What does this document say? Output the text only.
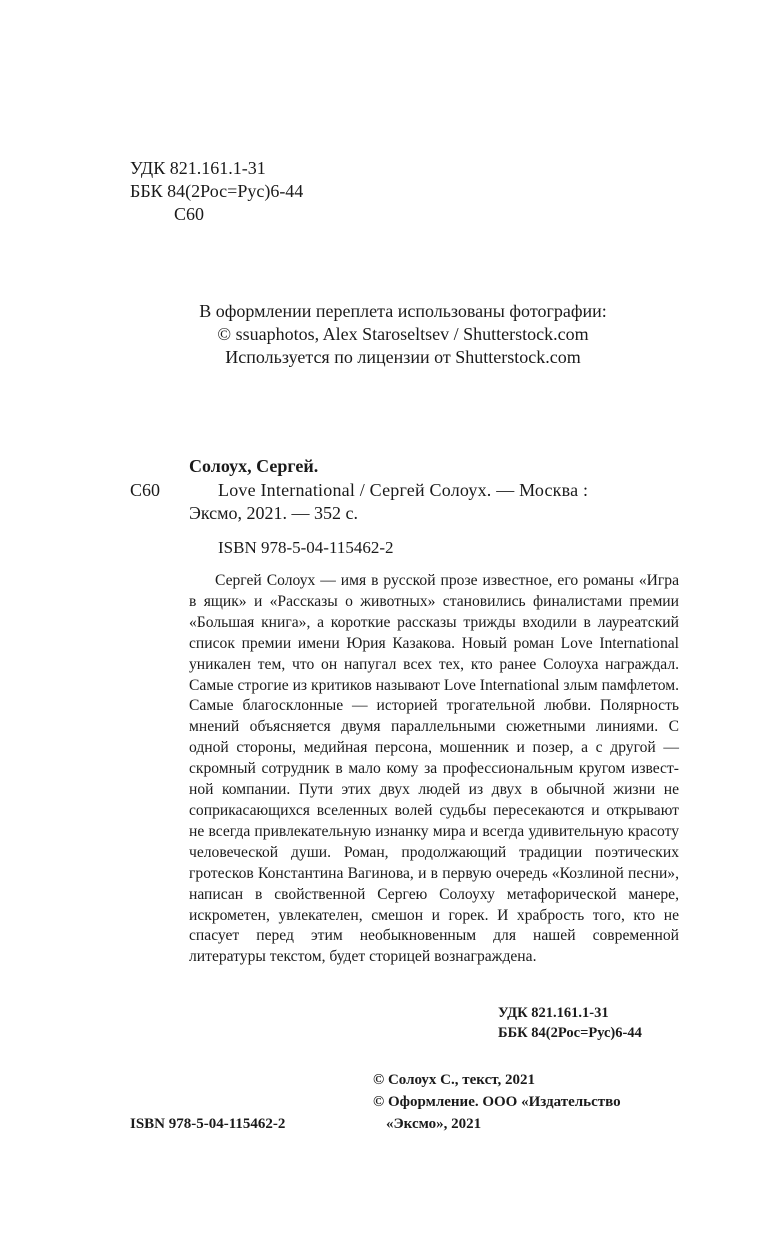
УДК 821.161.1-31
ББК 84(2Рос=Рус)6-44
С60
В оформлении переплета использованы фотографии:
© ssuaphotos, Alex Staroseltsev / Shutterstock.com
Используется по лицензии от Shutterstock.com
Солоух, Сергей.
С60	Love International / Сергей Солоух. — Москва :
Эксмо, 2021. — 352 с.
ISBN 978-5-04-115462-2

Сергей Солоух — имя в русской прозе известное, его романы «Игра в ящик» и «Рассказы о животных» становились финалистами премии «Большая книга», а короткие рассказы трижды входили в лауреатский список премии имени Юрия Казакова. Новый роман Love International уникален тем, что он напугал всех тех, кто ранее Солоуха награждал. Самые строгие из критиков называют Love International злым памфлетом. Самые благосклонные — историей трогательной любви. Полярность мнений объясняется двумя параллельными сюжетными линиями. С одной стороны, медийная персона, мошенник и позер, а с другой — скромный сотрудник в мало кому за профессиональным кругом известной компании. Пути этих двух людей из двух в обычной жизни не соприкасающихся вселенных волей судьбы пересекаются и открывают не всегда привлекательную изнанку мира и всегда удивительную красоту человеческой души. Роман, продолжающий традиции поэтических гротесков Константина Вагинова, и в первую очередь «Козлиной песни», написан в свойственной Сергею Солоуху метафорической манере, искрометен, увлекателен, смешон и горек. И храбрость того, кто не спасует перед этим необыкновенным для нашей современной литературы текстом, будет сторицей вознаграждена.

УДК 821.161.1-31
ББК 84(2Рос=Рус)6-44
© Солоух С., текст, 2021
© Оформление. ООО «Издательство
ISBN 978-5-04-115462-2	«Эксмо», 2021
